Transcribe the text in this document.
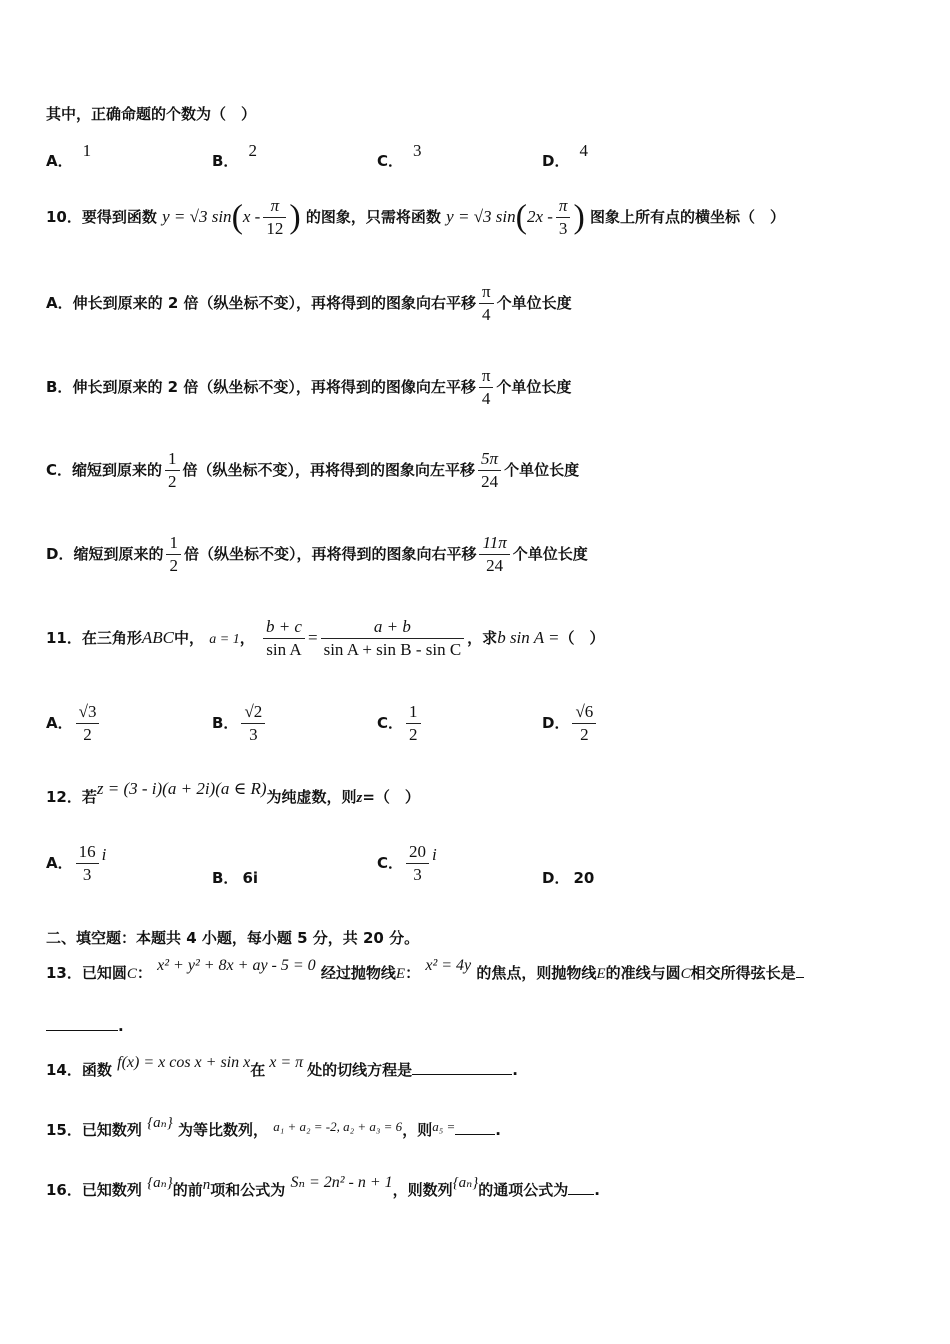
其中，正确命题的个数为（　）
A．1
B．2
C．3
D．4
10．要得到函数 y = √3 $\sin(x - \frac{\pi}{12}$ ) 的图象，只需将函数 y = √3 $\sin(2x - \frac{\pi}{3}$ ) 图象上所有点的横坐标（　）
A．伸长到原来的 2 倍（纵坐标不变），再将得到的图象向右平移 $\frac{\pi}{4}$ 个单位长度
B．伸长到原来的 2 倍（纵坐标不变），再将得到的图像向左平移 $\frac{\pi}{4}$ 个单位长度
C．缩短到原来的 $\frac{1}{2}$ 倍（纵坐标不变），再将得到的图象向左平移 $\frac{5\pi}{24}$ 个单位长度
D．缩短到原来的 $\frac{1}{2}$ 倍（纵坐标不变），再将得到的图象向右平移 $\frac{11\pi}{24}$ 个单位长度
11．在三角形ABC中， a = 1， $\frac{b + c}{\text{sin A}} = \frac{a + b}{\text{sin A + sin B - sin C}}$ ，求b sin A =（　）
A． $\frac{√3}{2}$	B． $\frac{√2}{3}$	C． $\frac{1}{2}$	D． $\frac{√6}{2}$
12．若z = (3 - i)(a + 2i)(a ∈ R)为纯虚数，则z=（　）
A． $\frac{16}{3}$ i
B． 6i
C． $\frac{20}{3}$ i
D． 20
二、填空题：本题共 4 小题，每小题 5 分，共 20 分。
13．已知圆C： x² + y² + 8x + ay - 5 = 0 经过抛物线E： x² = 4y 的焦点，则抛物线E的准线与圆C相交所得弦长是
.
14．函数 f(x) = x cos x + sin x在 x = π 处的切线方程是	.
15．已知数列 {aₙ} 为等比数列， a₁ + a₂ = -2, a₂ + a₃ = 6，则a₅ =	.
16．已知数列 {aₙ}的前n项和公式为 Sₙ = 2n² - n + 1，则数列{aₙ}的通项公式为 .
